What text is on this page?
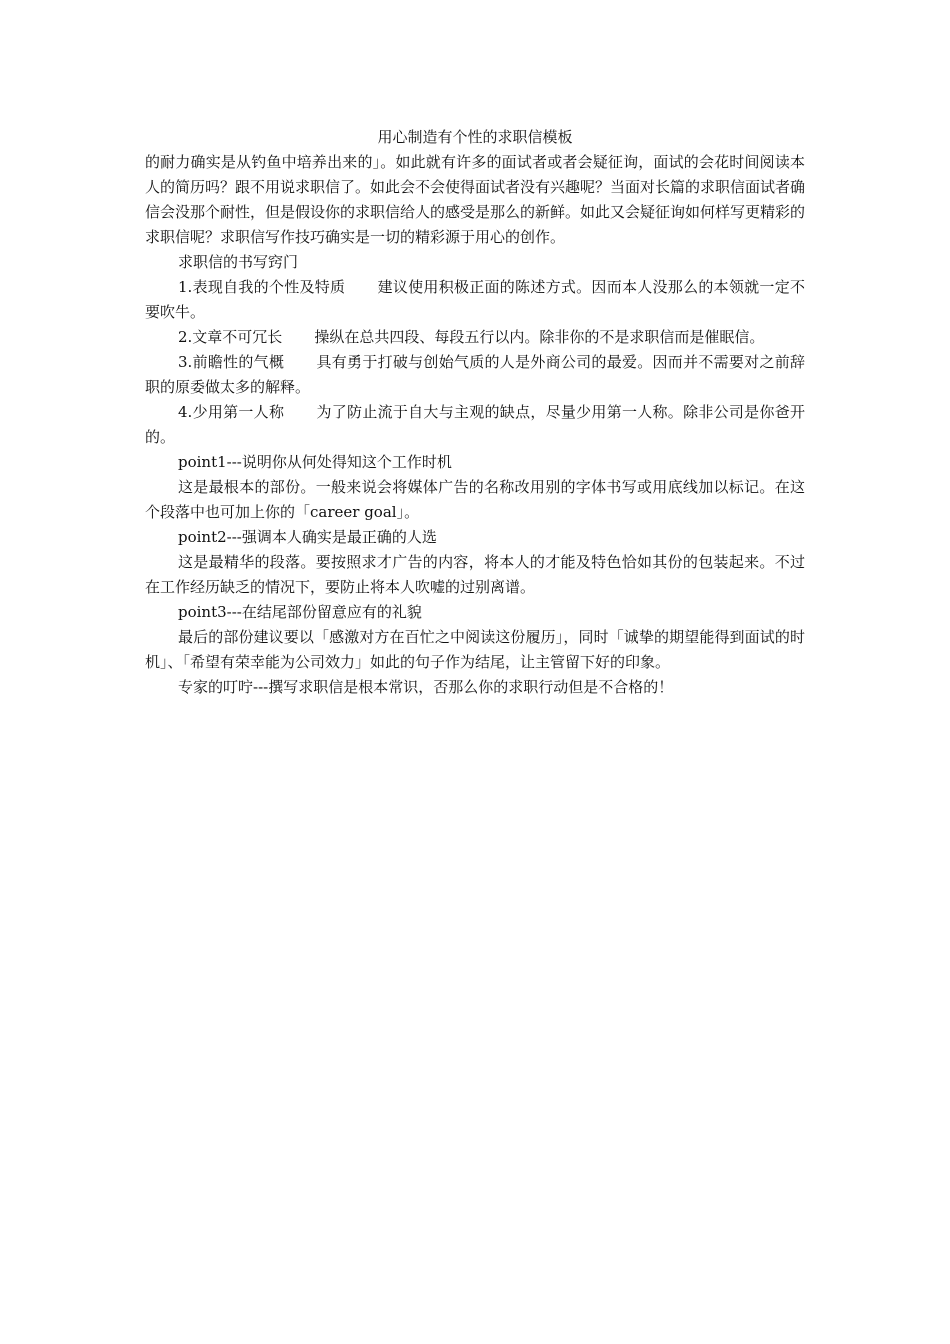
用心制造有个性的求职信模板

的耐力确实是从钓鱼中培养出来的」。如此就有许多的面试者或者会疑征询，面试的会花时间阅读本人的简历吗？跟不用说求职信了。如此会不会使得面试者没有兴趣呢？当面对长篇的求职信面试者确信会没那个耐性，但是假设你的求职信给人的感受是那么的新鲜。如此又会疑征询如何样写更精彩的求职信呢？求职信写作技巧确实是一切的精彩源于用心的创作。

求职信的书写窍门

1.表现自我的个性及特质 建议使用积极正面的陈述方式。因而本人没那么的本领就一定不要吹牛。

2.文章不可冗长 操纵在总共四段、每段五行以内。除非你的不是求职信而是催眠信。

3.前瞻性的气概 具有勇于打破与创始气质的人是外商公司的最爱。因而并不需要对之前辞职的原委做太多的解释。

4.少用第一人称 为了防止流于自大与主观的缺点，尽量少用第一人称。除非公司是你爸开的。

point1---说明你从何处得知这个工作时机

这是最根本的部份。一般来说会将媒体广告的名称改用别的字体书写或用底线加以标记。在这个段落中也可加上你的「career goal」。

point2---强调本人确实是最正确的人选

这是最精华的段落。要按照求才广告的内容，将本人的才能及特色恰如其份的包装起来。不过在工作经历缺乏的情况下，要防止将本人吹嘘的过别离谱。

point3---在结尾部份留意应有的礼貌

最后的部份建议要以「感激对方在百忙之中阅读这份履历」，同时「诚挚的期望能得到面试的时机」、「希望有荣幸能为公司效力」如此的句子作为结尾，让主管留下好的印象。

专家的叮咛---撰写求职信是根本常识，否那么你的求职行动但是不合格的！
